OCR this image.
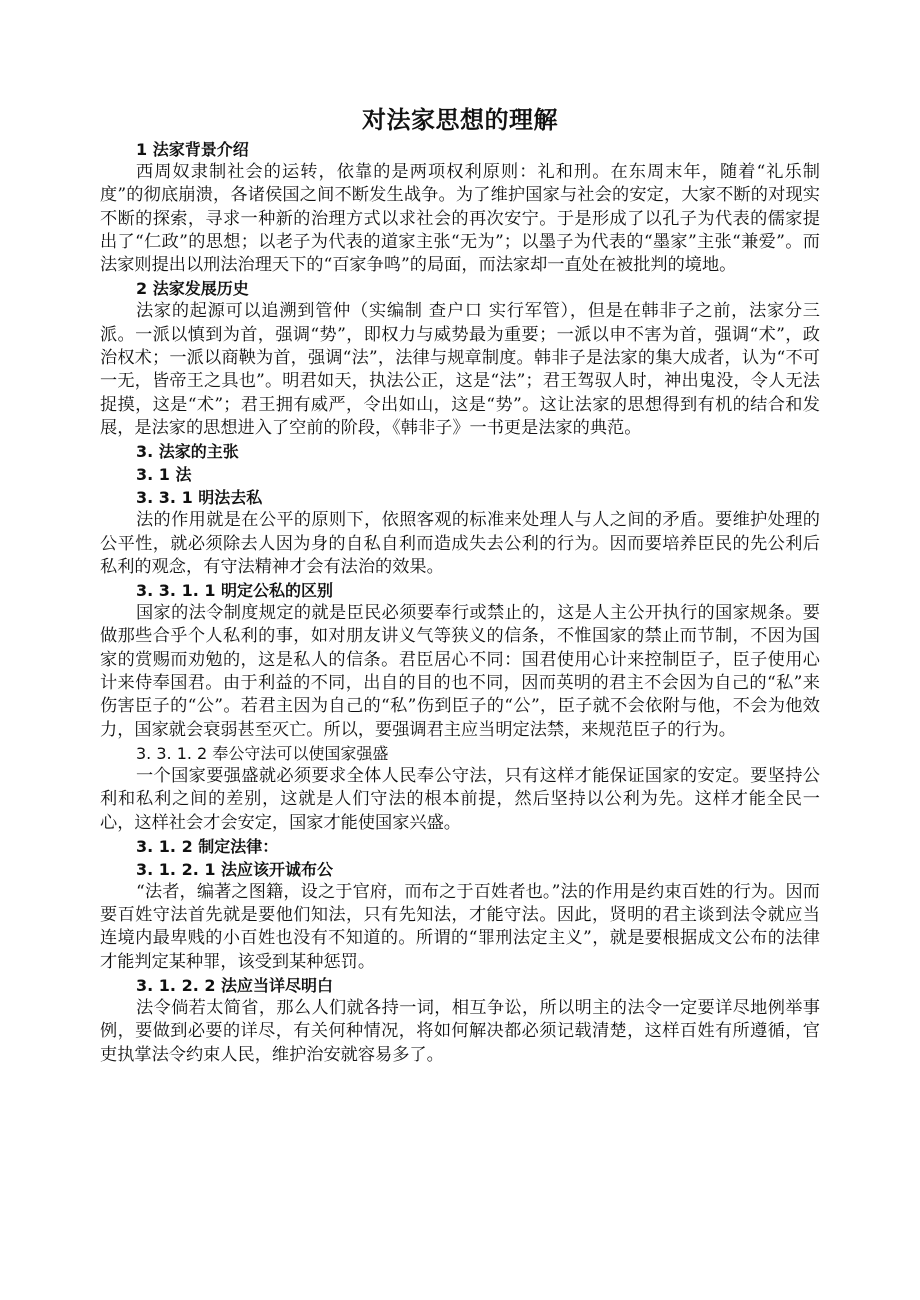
对法家思想的理解
1 法家背景介绍
西周奴隶制社会的运转，依靠的是两项权利原则：礼和刑。在东周末年，随着“礼乐制度”的彻底崩溃，各诸侯国之间不断发生战争。为了维护国家与社会的安定，大家不断的对现实不断的探索，寻求一种新的治理方式以求社会的再次安宁。于是形成了以孔子为代表的儒家提出了“仁政”的思想；以老子为代表的道家主张“无为”；以墨子为代表的“墨家”主张“兼爱”。而法家则提出以刑法治理天下的“百家争鸣”的局面，而法家却一直处在被批判的境地。
2 法家发展历史
法家的起源可以追溯到管仲（实编制 查户口 实行军管），但是在韩非子之前，法家分三派。一派以慎到为首，强调“势”，即权力与威势最为重要；一派以申不害为首，强调“术”，政治权术；一派以商鞅为首，强调“法”，法律与规章制度。韩非子是法家的集大成者，认为“不可一无，皆帝王之具也”。明君如天，执法公正，这是“法”；君王驾驭人时，神出鬼没，令人无法捉摸，这是“术”；君王拥有威严，令出如山，这是“势”。这让法家的思想得到有机的结合和发展，是法家的思想进入了空前的阶段，《韩非子》一书更是法家的典范。
3. 法家的主张
3. 1 法
3. 3. 1 明法去私
法的作用就是在公平的原则下，依照客观的标准来处理人与人之间的矛盾。要维护处理的公平性，就必须除去人因为身的自私自利而造成失去公利的行为。因而要培养臣民的先公利后私利的观念，有守法精神才会有法治的效果。
3. 3. 1. 1 明定公私的区别
国家的法令制度规定的就是臣民必须要奉行或禁止的，这是人主公开执行的国家规条。要做那些合乎个人私利的事，如对朋友讲义气等狭义的信条，不惟国家的禁止而节制，不因为国家的赏赐而劝勉的，这是私人的信条。君臣居心不同：国君使用心计来控制臣子，臣子使用心计来侍奉国君。由于利益的不同，出自的目的也不同，因而英明的君主不会因为自己的“私”来伤害臣子的“公”。若君主因为自己的“私”伤到臣子的“公”，臣子就不会依附与他，不会为他效力，国家就会衰弱甚至灭亡。所以，要强调君主应当明定法禁，来规范臣子的行为。
3. 3. 1. 2 奉公守法可以使国家强盛
一个国家要强盛就必须要求全体人民奉公守法，只有这样才能保证国家的安定。要坚持公利和私利之间的差别，这就是人们守法的根本前提，然后坚持以公利为先。这样才能全民一心，这样社会才会安定，国家才能使国家兴盛。
3. 1. 2 制定法律：
3. 1. 2. 1 法应该开诚布公
“法者，编著之图籍，设之于官府，而布之于百姓者也。”法的作用是约束百姓的行为。因而要百姓守法首先就是要他们知法，只有先知法，才能守法。因此，贤明的君主谈到法令就应当连境内最卑贱的小百姓也没有不知道的。所谓的“罪刑法定主义”，就是要根据成文公布的法律才能判定某种罪，该受到某种惩罚。
3. 1. 2. 2 法应当详尽明白
法令倘若太简省，那么人们就各持一词，相互争讼，所以明主的法令一定要详尽地例举事例，要做到必要的详尽，有关何种情况，将如何解决都必须记载清楚，这样百姓有所遵循，官吏执掌法令约束人民，维护治安就容易多了。
